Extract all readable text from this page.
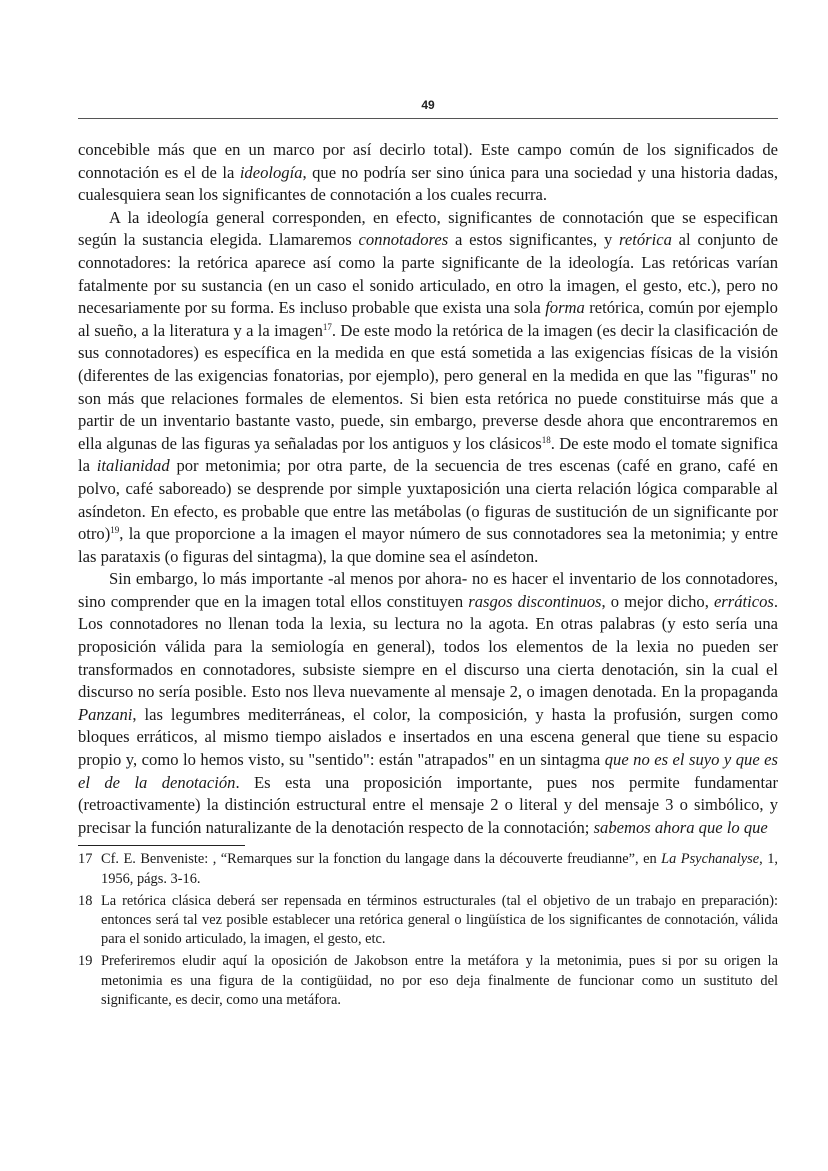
49

concebible más que en un marco por así decirlo total). Este campo común de los significados de connotación es el de la ideología, que no podría ser sino única para una sociedad y una historia dadas, cualesquiera sean los significantes de connotación a los cuales recurra.

A la ideología general corresponden, en efecto, significantes de connotación que se especifican según la sustancia elegida. Llamaremos connotadores a estos significantes, y retórica al conjunto de connotadores: la retórica aparece así como la parte significante de la ideología. Las retóricas varían fatalmente por su sustancia (en un caso el sonido articulado, en otro la imagen, el gesto, etc.), pero no necesariamente por su forma. Es incluso probable que exista una sola forma retórica, común por ejemplo al sueño, a la literatura y a la imagen$^{17}$. De este modo la retórica de la imagen (es decir la clasificación de sus connotadores) es específica en la medida en que está sometida a las exigencias físicas de la visión (diferentes de las exigencias fonatorias, por ejemplo), pero general en la medida en que las "figuras" no son más que relaciones formales de elementos. Si bien esta retórica no puede constituirse más que a partir de un inventario bastante vasto, puede, sin embargo, preverse desde ahora que encontraremos en ella algunas de las figuras ya señaladas por los antiguos y los clásicos$^{18}$. De este modo el tomate significa la italianidad por metonimia; por otra parte, de la secuencia de tres escenas (café en grano, café en polvo, café saboreado) se desprende por simple yuxtaposición una cierta relación lógica comparable al asíndeton. En efecto, es probable que entre las metábolas (o figuras de sustitución de un significante por otro)$^{19}$, la que proporcione a la imagen el mayor número de sus connotadores sea la metonimia; y entre las parataxis (o figuras del sintagma), la que domine sea el asíndeton.

Sin embargo, lo más importante -al menos por ahora- no es hacer el inventario de los connotadores, sino comprender que en la imagen total ellos constituyen rasgos discontinuos, o mejor dicho, erráticos. Los connotadores no llenan toda la lexia, su lectura no la agota. En otras palabras (y esto sería una proposición válida para la semiología en general), todos los elementos de la lexia no pueden ser transformados en connotadores, subsiste siempre en el discurso una cierta denotación, sin la cual el discurso no sería posible. Esto nos lleva nuevamente al mensaje 2, o imagen denotada. En la propaganda Panzani, las legumbres mediterráneas, el color, la composición, y hasta la profusión, surgen como bloques erráticos, al mismo tiempo aislados e insertados en una escena general que tiene su espacio propio y, como lo hemos visto, su "sentido": están "atrapados" en un sintagma que no es el suyo y que es el de la denotación. Es esta una proposición importante, pues nos permite fundamentar (retroactivamente) la distinción estructural entre el mensaje 2 o literal y del mensaje 3 o simbólico, y precisar la función naturalizante de la denotación respecto de la connotación; sabemos ahora que lo que

17 Cf. E. Benveniste: , “Remarques sur la fonction du langage dans la découverte freudianne”, en La Psychanalyse, 1, 1956, págs. 3-16.
18 La retórica clásica deberá ser repensada en términos estructurales (tal el objetivo de un trabajo en preparación): entonces será tal vez posible establecer una retórica general o lingüística de los significantes de connotación, válida para el sonido articulado, la imagen, el gesto, etc.
19 Preferiremos eludir aquí la oposición de Jakobson entre la metáfora y la metonimia, pues si por su origen la metonimia es una figura de la contigüidad, no por eso deja finalmente de funcionar como un sustituto del significante, es decir, como una metáfora.
